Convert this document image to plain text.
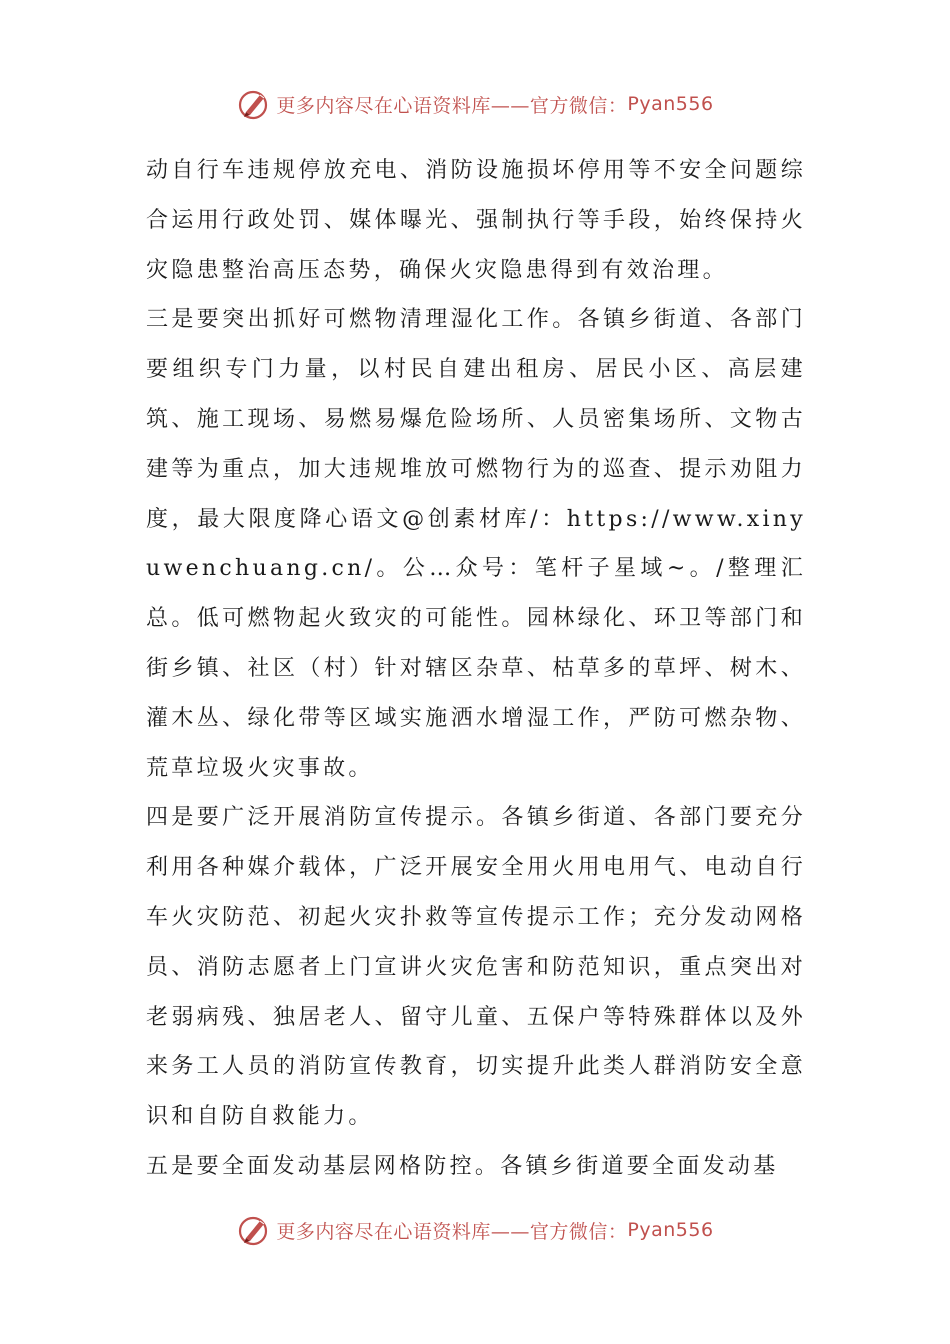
更多内容尽在心语资料库——官方微信： Pyan556

动自行车违规停放充电、消防设施损坏停用等不安全问题综合运用行政处罚、媒体曝光、强制执行等手段，始终保持火灾隐患整治高压态势，确保火灾隐患得到有效治理。

三是要突出抓好可燃物清理湿化工作。各镇乡街道、各部门要组织专门力量，以村民自建出租房、居民小区、高层建筑、施工现场、易燃易爆危险场所、人员密集场所、文物古建等为重点，加大违规堆放可燃物行为的巡查、提示劝阻力度，最大限度降心语文@创素材库/：https://www.xinyuwenchuang.cn/。公…众号：笔杆子星域~。/整理汇总。低可燃物起火致灾的可能性。园林绿化、环卫等部门和街乡镇、社区（村）针对辖区杂草、枯草多的草坪、树木、灌木丛、绿化带等区域实施洒水增湿工作，严防可燃杂物、荒草垃圾火灾事故。

四是要广泛开展消防宣传提示。各镇乡街道、各部门要充分利用各种媒介载体，广泛开展安全用火用电用气、电动自行车火灾防范、初起火灾扑救等宣传提示工作；充分发动网格员、消防志愿者上门宣讲火灾危害和防范知识，重点突出对老弱病残、独居老人、留守儿童、五保户等特殊群体以及外来务工人员的消防宣传教育，切实提升此类人群消防安全意识和自防自救能力。

五是要全面发动基层网格防控。各镇乡街道要全面发动基

更多内容尽在心语资料库——官方微信： Pyan556
